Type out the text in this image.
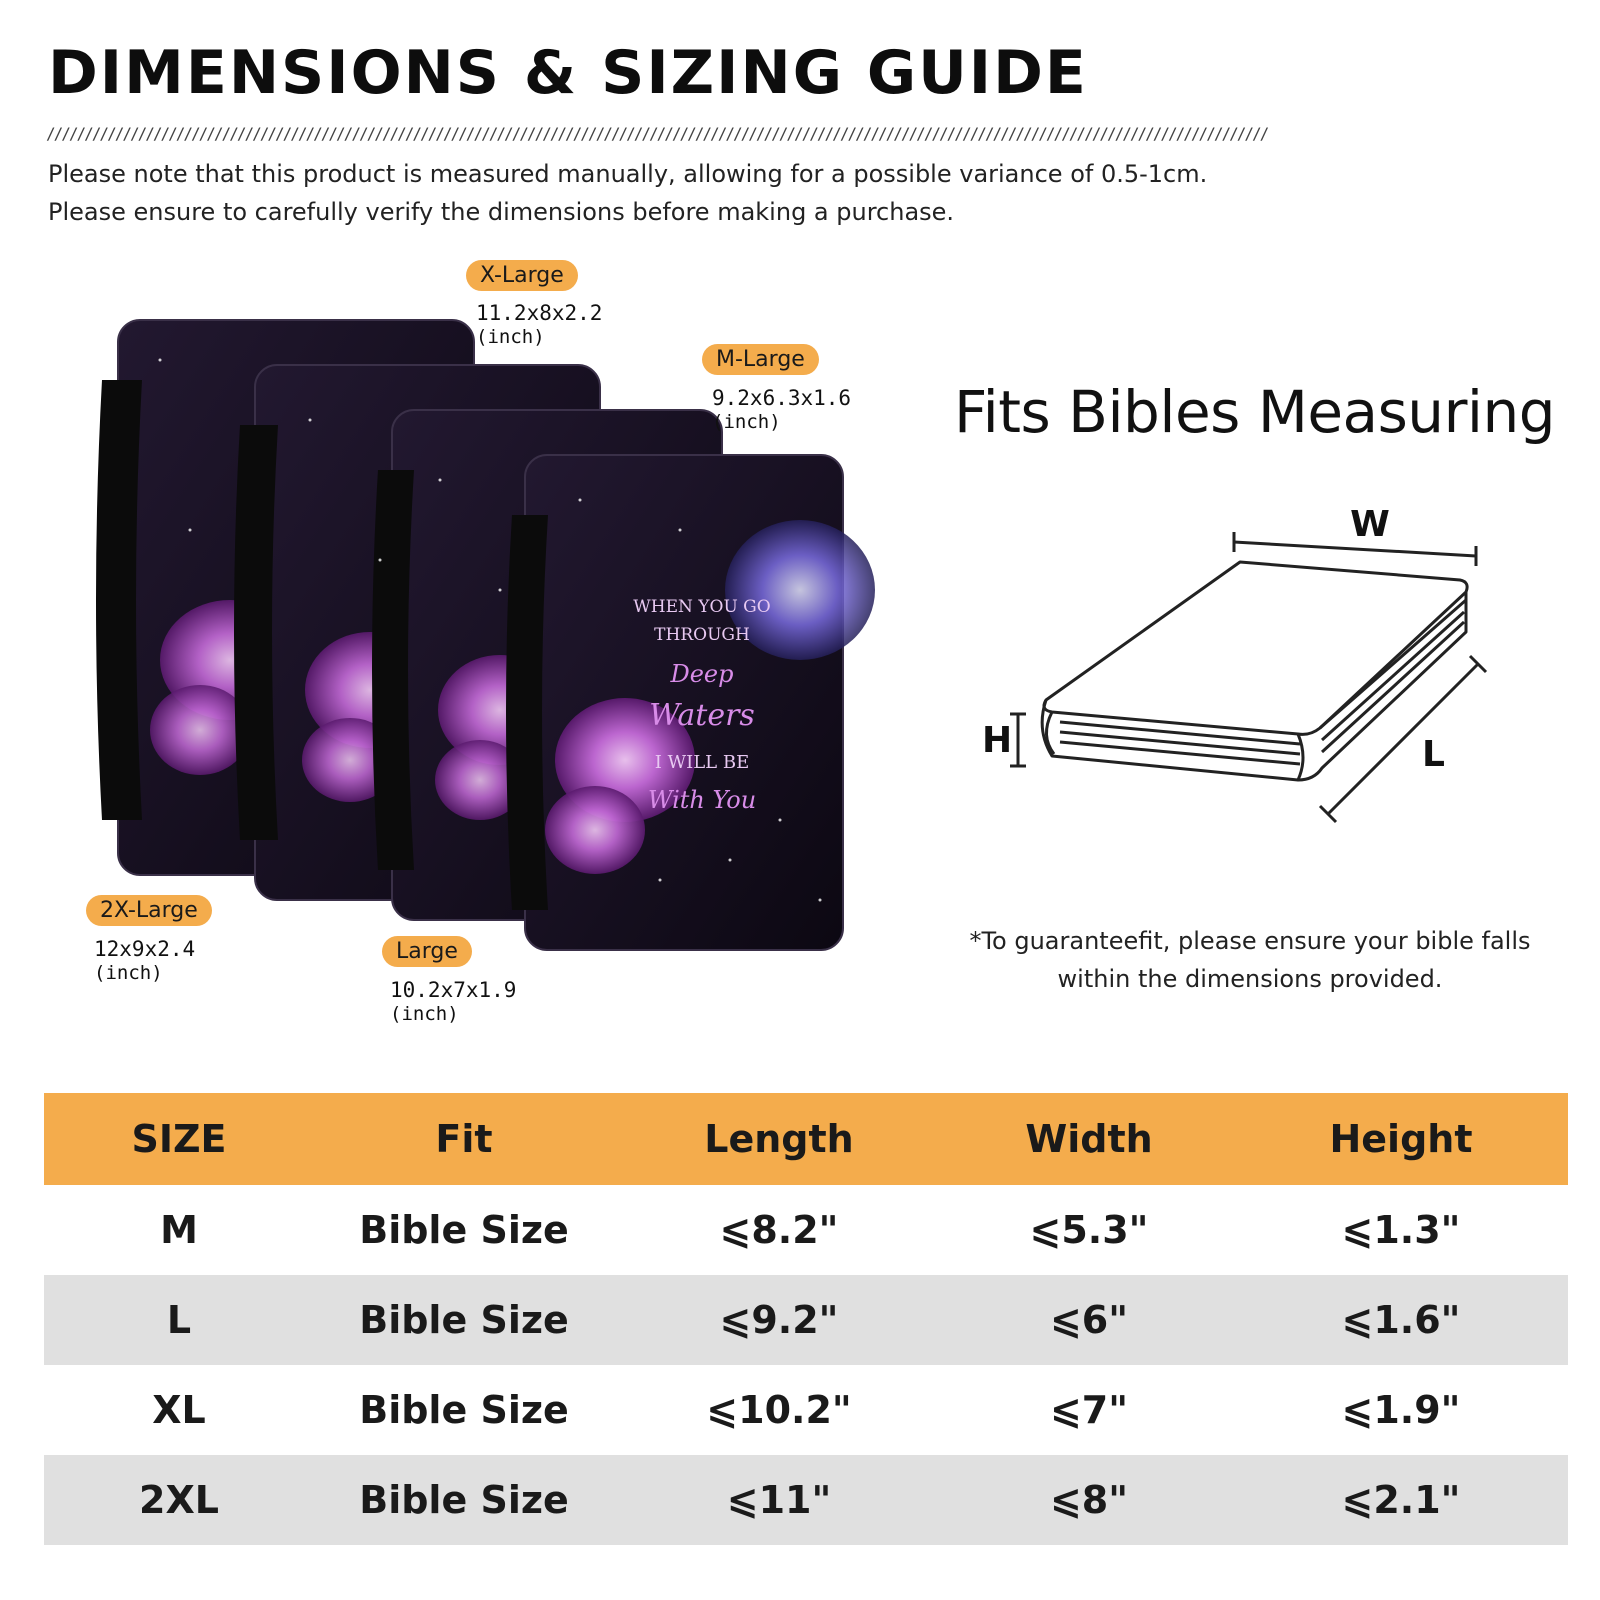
DIMENSIONS & SIZING GUIDE
////////////////////////////////////////////////////////////////////////////////////////////////////////////////////////////////////////////////////////////////
Please note that this product is measured manually, allowing for a possible variance of 0.5-1cm.
Please ensure to carefully verify the dimensions before making a purchase.
WHEN YOU GO
THROUGH
Deep
Waters
I WILL BE
With You
X-Large
11.2x8x2.2
(inch)
M-Large
9.2x6.3x1.6
(inch)
2X-Large
12x9x2.4
(inch)
Large
10.2x7x1.9
(inch)
Fits Bibles Measuring
W
H	L
*To guaranteefit, please ensure your bible falls
within the dimensions provided.
SIZE	Fit	Length	Width	Height
M	Bible Size	⩽8.2"	⩽5.3"	⩽1.3"
L	Bible Size	⩽9.2"	⩽6"	⩽1.6"
XL	Bible Size	⩽10.2"	⩽7"	⩽1.9"
2XL	Bible Size	⩽11"	⩽8"	⩽2.1"
